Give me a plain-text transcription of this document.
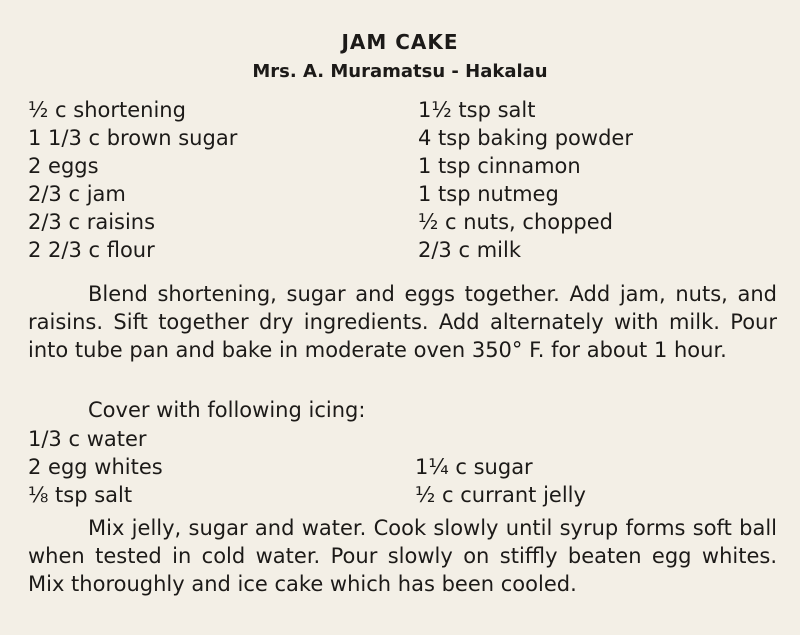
JAM CAKE
Mrs. A. Muramatsu - Hakalau
½ c shortening
1 1/3 c brown sugar
2 eggs
2/3 c jam
2/3 c raisins
2 2/3 c flour
1½ tsp salt
4 tsp baking powder
1 tsp cinnamon
1 tsp nutmeg
½ c nuts, chopped
2/3 c milk
Blend shortening, sugar and eggs together. Add jam, nuts, and raisins. Sift together dry ingredients. Add alternately with milk. Pour into tube pan and bake in moderate oven 350° F. for about 1 hour.
Cover with following icing:
1/3 c water
2 egg whites
⅛ tsp salt
1¼ c sugar
½ c currant jelly
Mix jelly, sugar and water. Cook slowly until syrup forms soft ball when tested in cold water. Pour slowly on stiffly beaten egg whites. Mix thoroughly and ice cake which has been cooled.
